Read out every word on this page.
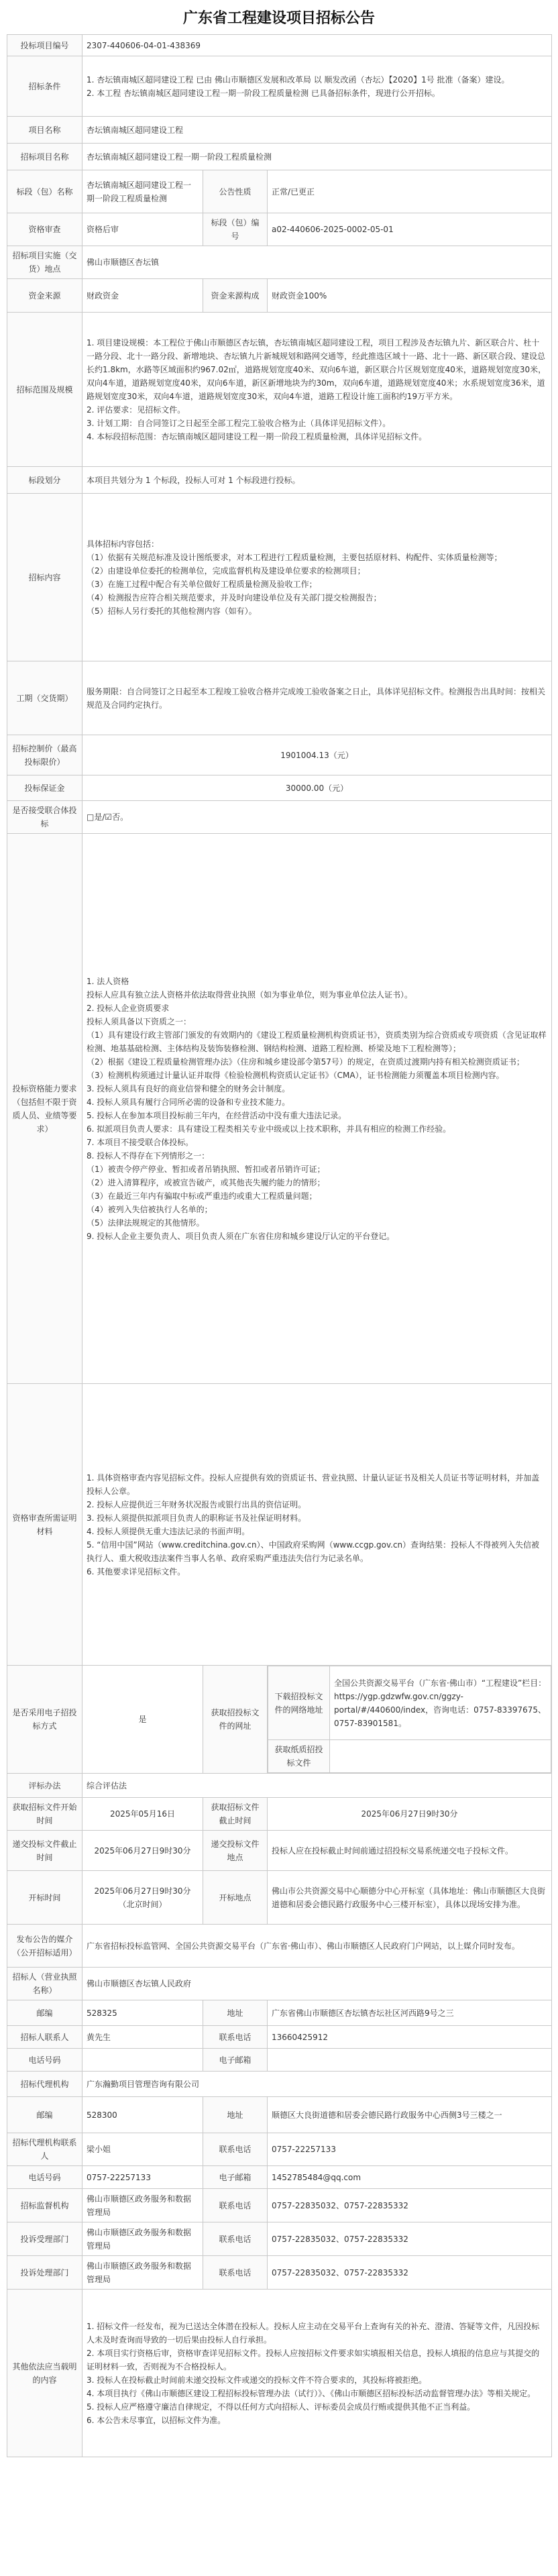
广东省工程建设项目招标公告
投标项目编号	2307-440606-04-01-438369
招标条件	1. 杏坛镇南城区超同建设工程 已由 佛山市顺德区发展和改革局 以 顺发改函（杏坛）【2020】1号 批准（备案）建设。
2. 本工程 杏坛镇南城区超同建设工程一期一阶段工程质量检测 已具备招标条件，现进行公开招标。
项目名称	杏坛镇南城区超同建设工程
招标项目名称	杏坛镇南城区超同建设工程一期一阶段工程质量检测
标段（包）名称	杏坛镇南城区超同建设工程一期一阶段工程质量检测	公告性质	正常/已更正
资格审查	资格后审	标段（包）编号	a02-440606-2025-0002-05-01
招标项目实施（交货）地点	佛山市顺德区杏坛镇
资金来源	财政资金	资金来源构成	财政资金100%
招标范围及规模	1. 项目建设规模：本工程位于佛山市顺德区杏坛镇，杏坛镇南城区超同建设工程，项目工程涉及杏坛镇九片、新区联合片、杜十一路分段、北十一路分段、新增地块、杏坛镇九片新城规划和路网交通等，经此推选区域十一路、北十一路、新区联合段、建设总长约1.8km，水路等区域面积约967.02㎡，道路规划宽度40米、双向6车道，新区联合片区规划宽度40米，道路规划宽度30米，双向4车道，道路规划宽度40米，双向6车道，新区新增地块为约30m，双向6车道，道路规划宽度40米；水系规划宽度36米，道路规划宽度30米，双向4车道，道路规划宽度30米，双向4车道，道路工程设计施工面积约19万平方米。
2. 评估要求：见招标文件。
3. 计划工期：自合同签订之日起至全部工程完工验收合格为止（具体详见招标文件）。
4. 本标段招标范围：杏坛镇南城区超同建设工程一期一阶段工程质量检测，具体详见招标文件。
标段划分	本项目共划分为 1 个标段，投标人可对 1 个标段进行投标。
招标内容	具体招标内容包括：
（1）依据有关规范标准及设计图纸要求，对本工程进行工程质量检测，主要包括原材料、构配件、实体质量检测等；
（2）由建设单位委托的检测单位，完成监督机构及建设单位要求的检测项目；
（3）在施工过程中配合有关单位做好工程质量检测及验收工作；
（4）检测报告应符合相关规范要求，并及时向建设单位及有关部门提交检测报告；
（5）招标人另行委托的其他检测内容（如有）。
工期（交货期）	服务期限：自合同签订之日起至本工程竣工验收合格并完成竣工验收备案之日止，具体详见招标文件。检测报告出具时间：按相关规范及合同约定执行。
招标控制价（最高投标限价）	1901004.13（元）
投标保证金	30000.00（元）
是否接受联合体投标	□是/☑否。
投标资格能力要求（包括但不限于资质人员、业绩等要求）	1. 法人资格
投标人应具有独立法人资格并依法取得营业执照（如为事业单位，则为事业单位法人证书）。
2. 投标人企业资质要求
投标人须具备以下资质之一：
（1）具有建设行政主管部门颁发的有效期内的《建设工程质量检测机构资质证书》，资质类别为综合资质或专项资质（含见证取样检测、地基基础检测、主体结构及装饰装修检测、钢结构检测、道路工程检测、桥梁及地下工程检测等）；
（2）根据《建设工程质量检测管理办法》（住房和城乡建设部令第57号）的规定，在资质过渡期内持有相关检测资质证书；
（3）检测机构须通过计量认证并取得《检验检测机构资质认定证书》（CMA），证书检测能力须覆盖本项目检测内容。
3. 投标人须具有良好的商业信誉和健全的财务会计制度。
4. 投标人须具有履行合同所必需的设备和专业技术能力。
5. 投标人在参加本项目投标前三年内，在经营活动中没有重大违法记录。
6. 拟派项目负责人要求：具有建设工程类相关专业中级或以上技术职称，并具有相应的检测工作经验。
7. 本项目不接受联合体投标。
8. 投标人不得存在下列情形之一：
（1）被责令停产停业、暂扣或者吊销执照、暂扣或者吊销许可证；
（2）进入清算程序，或被宣告破产，或其他丧失履约能力的情形；
（3）在最近三年内有骗取中标或严重违约或重大工程质量问题；
（4）被列入失信被执行人名单的；
（5）法律法规规定的其他情形。
9. 投标人企业主要负责人、项目负责人须在广东省住房和城乡建设厅认定的平台登记。
资格审查所需证明材料	1. 具体资格审查内容见招标文件。投标人应提供有效的资质证书、营业执照、计量认证证书及相关人员证书等证明材料，并加盖投标人公章。
2. 投标人应提供近三年财务状况报告或银行出具的资信证明。
3. 投标人须提供拟派项目负责人的职称证书及社保证明材料。
4. 投标人须提供无重大违法记录的书面声明。
5. “信用中国”网站（www.creditchina.gov.cn）、中国政府采购网（www.ccgp.gov.cn）查询结果：投标人不得被列入失信被执行人、重大税收违法案件当事人名单、政府采购严重违法失信行为记录名单。
6. 其他要求详见招标文件。
是否采用电子招投标方式	是	获取招投标文件的网址	
下载招投标文件的网络地址	全国公共资源交易平台（广东省·佛山市）“工程建设”栏目：https://ygp.gdzwfw.gov.cn/ggzy-portal/#/440600/index，咨询电话：0757-83397675、0757-83901581。
获取纸质招投标文件	

评标办法	综合评估法
获取招标文件开始时间	2025年05月16日	获取招标文件截止时间	2025年06月27日9时30分
递交投标文件截止时间	2025年06月27日9时30分	递交投标文件地点	投标人应在投标截止时间前通过招投标交易系统递交电子投标文件。
开标时间	2025年06月27日9时30分（北京时间）	开标地点	佛山市公共资源交易中心顺德分中心开标室（具体地址：佛山市顺德区大良街道德和居委会德民路行政服务中心三楼开标室），具体以现场安排为准。
发布公告的媒介（公开招标适用）	广东省招标投标监管网、全国公共资源交易平台（广东省·佛山市）、佛山市顺德区人民政府门户网站，以上媒介同时发布。
招标人（营业执照名称）	佛山市顺德区杏坛镇人民政府
邮编	528325	地址	广东省佛山市顺德区杏坛镇杏坛社区河西路9号之三
招标人联系人	黄先生	联系电话	13660425912
电话号码		电子邮箱	
招标代理机构	广东瀚勤项目管理咨询有限公司
邮编	528300	地址	顺德区大良街道德和居委会德民路行政服务中心西侧3号三楼之一
招标代理机构联系人	梁小姐	联系电话	0757-22257133
电话号码	0757-22257133	电子邮箱	1452785484@qq.com
招标监督机构	佛山市顺德区政务服务和数据管理局	联系电话	0757-22835032、0757-22835332
投诉受理部门	佛山市顺德区政务服务和数据管理局	联系电话	0757-22835032、0757-22835332
投诉处理部门	佛山市顺德区政务服务和数据管理局	联系电话	0757-22835032、0757-22835332
其他依法应当载明的内容	1. 招标文件一经发布，视为已送达全体潜在投标人。投标人应主动在交易平台上查询有关的补充、澄清、答疑等文件，凡因投标人未及时查询而导致的一切后果由投标人自行承担。
2. 本项目实行资格后审，资格审查详见招标文件。投标人应按招标文件要求如实填报相关信息，投标人填报的信息应与其提交的证明材料一致，否则视为不合格投标人。
3. 投标人在投标截止时间前未递交投标文件或递交的投标文件不符合要求的，其投标将被拒绝。
4. 本项目执行《佛山市顺德区建设工程招标投标管理办法（试行）》、《佛山市顺德区招标投标活动监督管理办法》等相关规定。
5. 投标人应严格遵守廉洁自律规定，不得以任何方式向招标人、评标委员会成员行贿或提供其他不正当利益。
6. 本公告未尽事宜，以招标文件为准。
